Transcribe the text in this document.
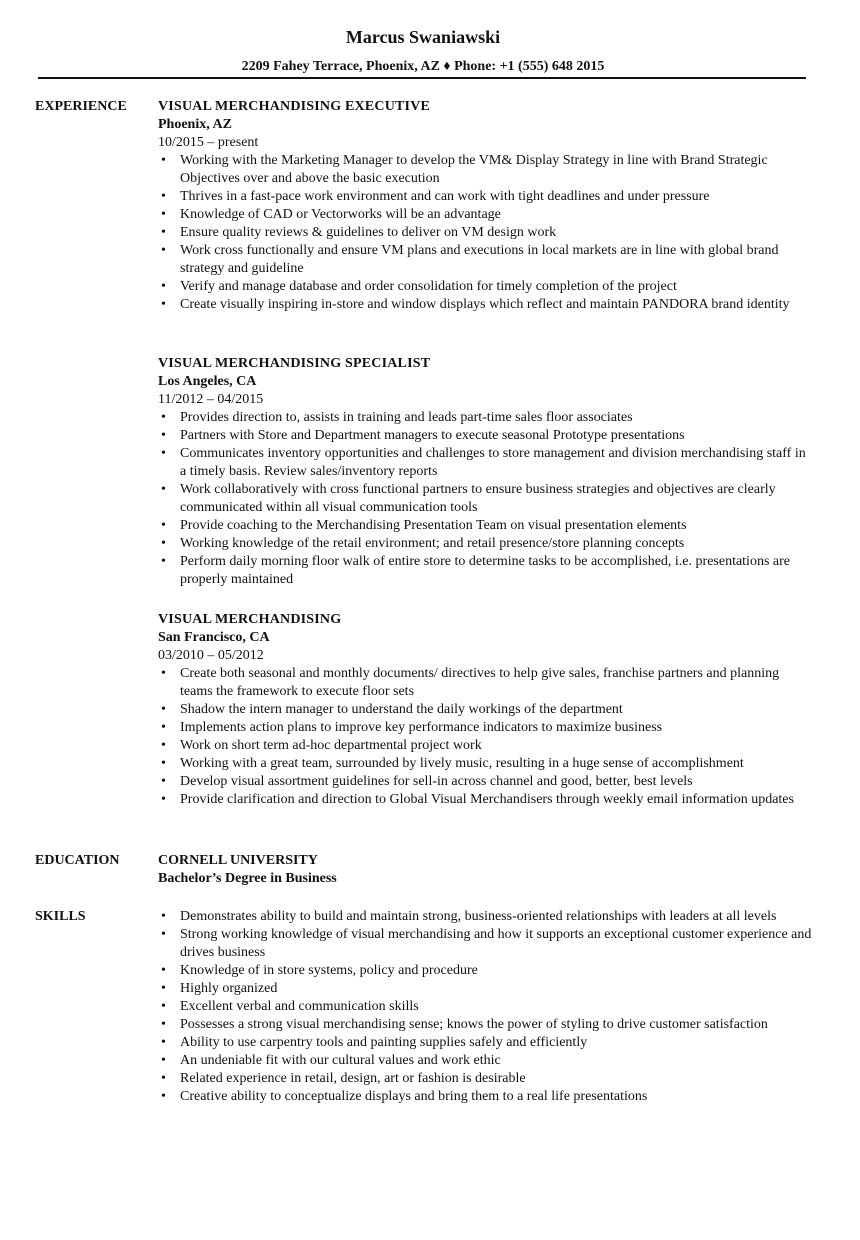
Marcus Swaniawski
2209 Fahey Terrace, Phoenix, AZ ♦ Phone: +1 (555) 648 2015
EXPERIENCE VISUAL MERCHANDISING EXECUTIVE
Phoenix, AZ
10/2015 – present
• Working with the Marketing Manager to develop the VM& Display Strategy in line with Brand Strategic Objectives over and above the basic execution
• Thrives in a fast-pace work environment and can work with tight deadlines and under pressure
• Knowledge of CAD or Vectorworks will be an advantage
• Ensure quality reviews & guidelines to deliver on VM design work
• Work cross functionally and ensure VM plans and executions in local markets are in line with global brand strategy and guideline
• Verify and manage database and order consolidation for timely completion of the project
• Create visually inspiring in-store and window displays which reflect and maintain PANDORA brand identity
VISUAL MERCHANDISING SPECIALIST
Los Angeles, CA
11/2012 – 04/2015
• Provides direction to, assists in training and leads part-time sales floor associates
• Partners with Store and Department managers to execute seasonal Prototype presentations
• Communicates inventory opportunities and challenges to store management and division merchandising staff in a timely basis. Review sales/inventory reports
• Work collaboratively with cross functional partners to ensure business strategies and objectives are clearly communicated within all visual communication tools
• Provide coaching to the Merchandising Presentation Team on visual presentation elements
• Working knowledge of the retail environment; and retail presence/store planning concepts
• Perform daily morning floor walk of entire store to determine tasks to be accomplished, i.e. presentations are properly maintained
VISUAL MERCHANDISING
San Francisco, CA
03/2010 – 05/2012
• Create both seasonal and monthly documents/ directives to help give sales, franchise partners and planning teams the framework to execute floor sets
• Shadow the intern manager to understand the daily workings of the department
• Implements action plans to improve key performance indicators to maximize business
• Work on short term ad-hoc departmental project work
• Working with a great team, surrounded by lively music, resulting in a huge sense of accomplishment
• Develop visual assortment guidelines for sell-in across channel and good, better, best levels
• Provide clarification and direction to Global Visual Merchandisers through weekly email information updates
EDUCATION	CORNELL UNIVERSITY
Bachelor’s Degree in Business
SKILLS
•	Demonstrates ability to build and maintain strong, business-oriented relationships with leaders at all levels
• Strong working knowledge of visual merchandising and how it supports an exceptional customer experience and drives business
• Knowledge of in store systems, policy and procedure
• Highly organized
• Excellent verbal and communication skills
• Possesses a strong visual merchandising sense; knows the power of styling to drive customer satisfaction
• Ability to use carpentry tools and painting supplies safely and efficiently
• An undeniable fit with our cultural values and work ethic
• Related experience in retail, design, art or fashion is desirable
• Creative ability to conceptualize displays and bring them to a real life presentations
